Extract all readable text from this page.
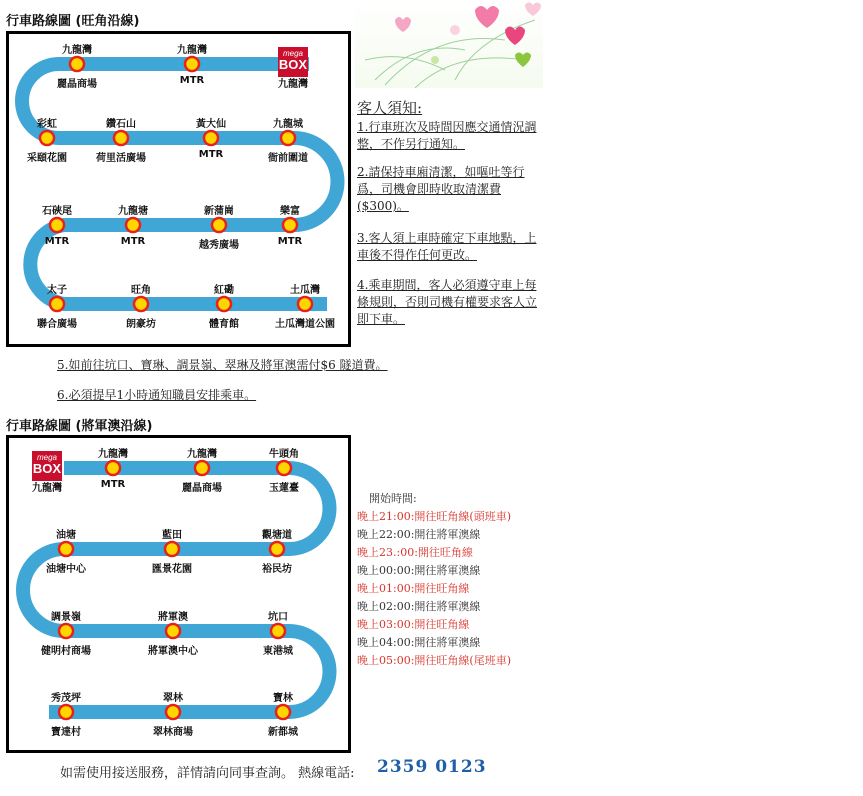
行車路線圖 (旺角沿線)
九龍灣
麗晶商場
九龍灣
MTR
mega
BOX
九龍灣
彩虹
采頤花園
鑽石山
荷里活廣場
黃大仙
MTR
九龍城
衙前圍道
石硤尾
MTR
九龍塘
MTR
新蒲崗
越秀廣場
樂富
MTR
太子
聯合廣場
旺角
朗豪坊
紅磡
體育館
土瓜灣
土瓜灣道公園
客人須知:
1.行車班次及時間因應交通情況調整，不作另行通知。
2.請保持車廂清潔，如嘔吐等行爲，司機會即時收取清潔費($300)。
3.客人須上車時確定下車地點，上車後不得作任何更改。
4.乘車期間，客人必須遵守車上每條規則，否則司機有權要求客人立即下車。
5.如前往坑口、寶琳、調景嶺、翠琳及將軍澳需付$6 隧道費。
6.必須提早1小時通知職員安排乘車。
行車路線圖 (將軍澳沿線)
mega
BOX
九龍灣
九龍灣
MTR
九龍灣
麗晶商場
牛頭角
玉蓮臺
油塘
油塘中心
藍田
匯景花園
觀塘道
裕民坊
調景嶺
健明村商場
將軍澳
將軍澳中心
坑口
東港城
秀茂坪
寶達村
翠林
翠林商場
寶林
新都城
開始時間:
晚上21:00:開往旺角線(頭班車)
晚上22:00:開往將軍澳線
晚上23.:00:開往旺角線
晚上00:00:開往將軍澳線
晚上01:00:開往旺角線
晚上02:00:開往將軍澳線
晚上03:00:開往旺角線
晚上04:00:開往將軍澳線
晚上05:00:開往旺角線(尾班車)
如需使用接送服務，詳情請向同事查詢。 熱線電話: 2359 0123
